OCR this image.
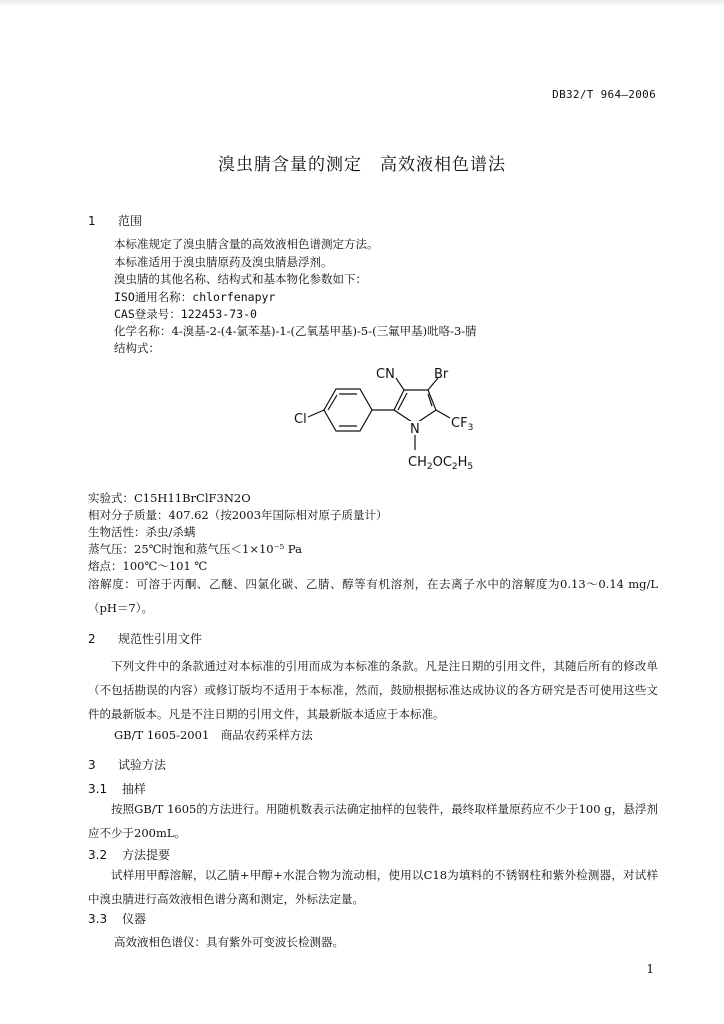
DB32/T 964—2006

溴虫腈含量的测定　高效液相色谱法
1 范围
本标准规定了溴虫腈含量的高效液相色谱测定方法。
本标准适用于溴虫腈原药及溴虫腈悬浮剂。
溴虫腈的其他名称、结构式和基本物化参数如下：
ISO通用名称：chlorfenapyr
CAS登录号：122453-73-0
化学名称：4-溴基-2-(4-氯苯基)-1-(乙氧基甲基)-5-(三氟甲基)吡咯-3-腈
结构式：
CN	Br
Cl
N $CF_3$
$CH_2OC_2H_5$
实验式：C15H11BrClF3N2O
相对分子质量：407.62（按2003年国际相对原子质量计）
生物活性：杀虫/杀螨
蒸气压：25℃时饱和蒸气压＜1×10⁻⁵ Pa
熔点：100℃～101 ℃

溶解度：可溶于丙酮、乙醚、四氯化碳、乙腈、醇等有机溶剂，在去离子水中的溶解度为0.13～0.14 mg/L（pH＝7）。

2 规范性引用文件

下列文件中的条款通过对本标准的引用而成为本标准的条款。凡是注日期的引用文件，其随后所有的修改单（不包括勘误的内容）或修订版均不适用于本标准，然而，鼓励根据标准达成协议的各方研究是否可使用这些文件的最新版本。凡是不注日期的引用文件，其最新版本适应于本标准。

GB/T 1605-2001　商品农药采样方法
3 试验方法
3.1 抽样

按照GB/T 1605的方法进行。用随机数表示法确定抽样的包装件，最终取样量原药应不少于100 g，悬浮剂应不少于200mL。

3.2 方法提要

试样用甲醇溶解，以乙腈+甲醇+水混合物为流动相，使用以C18为填料的不锈钢柱和紫外检测器，对试样中溴虫腈进行高效液相色谱分离和测定，外标法定量。

3.3 仪器
高效液相色谱仪：具有紫外可变波长检测器。
1
